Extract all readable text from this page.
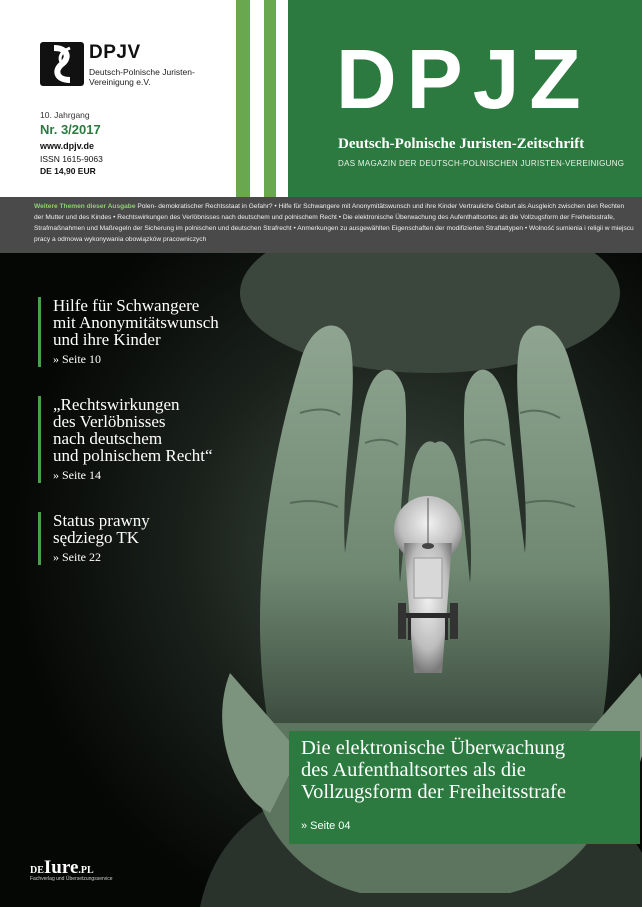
DPJV
Deutsch-Polnische Juristen-Vereinigung e.V.
10. Jahrgang
Nr. 3/2017
www.dpjv.de
ISSN 1615-9063
DE 14,90 EUR
DPJZ
Deutsch-Polnische Juristen-Zeitschrift
DAS MAGAZIN DER DEUTSCH-POLNISCHEN JURISTEN-VEREINIGUNG
Weitere Themen dieser Ausgabe Polen- demokratischer Rechtsstaat in Gefahr? • Hilfe für Schwangere mit Anonymitätswunsch und ihre Kinder Vertrauliche Geburt als Ausgleich zwischen den Rechten der Mutter und des Kindes • Rechtswirkungen des Verlöbnisses nach deutschem und polnischem Recht • Die elektronische Überwachung des Aufenthaltsortes als die Vollzugsform der Freiheitsstrafe, Strafmaßnahmen und Maßregeln der Sicherung im polnischen und deutschen Strafrecht • Anmerkungen zu ausgewählten Eigenschaften der modifizierten Straftattypen • Wolność sumienia i religii w miejscu pracy a odmowa wykonywania obowiązków pracowniczych
Hilfe für Schwangere
mit Anonymitätswunsch
und ihre Kinder
» Seite 10
„Rechtswirkungen
des Verlöbnisses
nach deutschem
und polnischem Recht“
» Seite 14
Status prawny
sędziego TK
» Seite 22
Die elektronische Überwachung
des Aufenthaltsortes als die
Vollzugsform der Freiheitsstrafe
» Seite 04
DEIure.PL
Fachverlag und Übersetzungsservice
